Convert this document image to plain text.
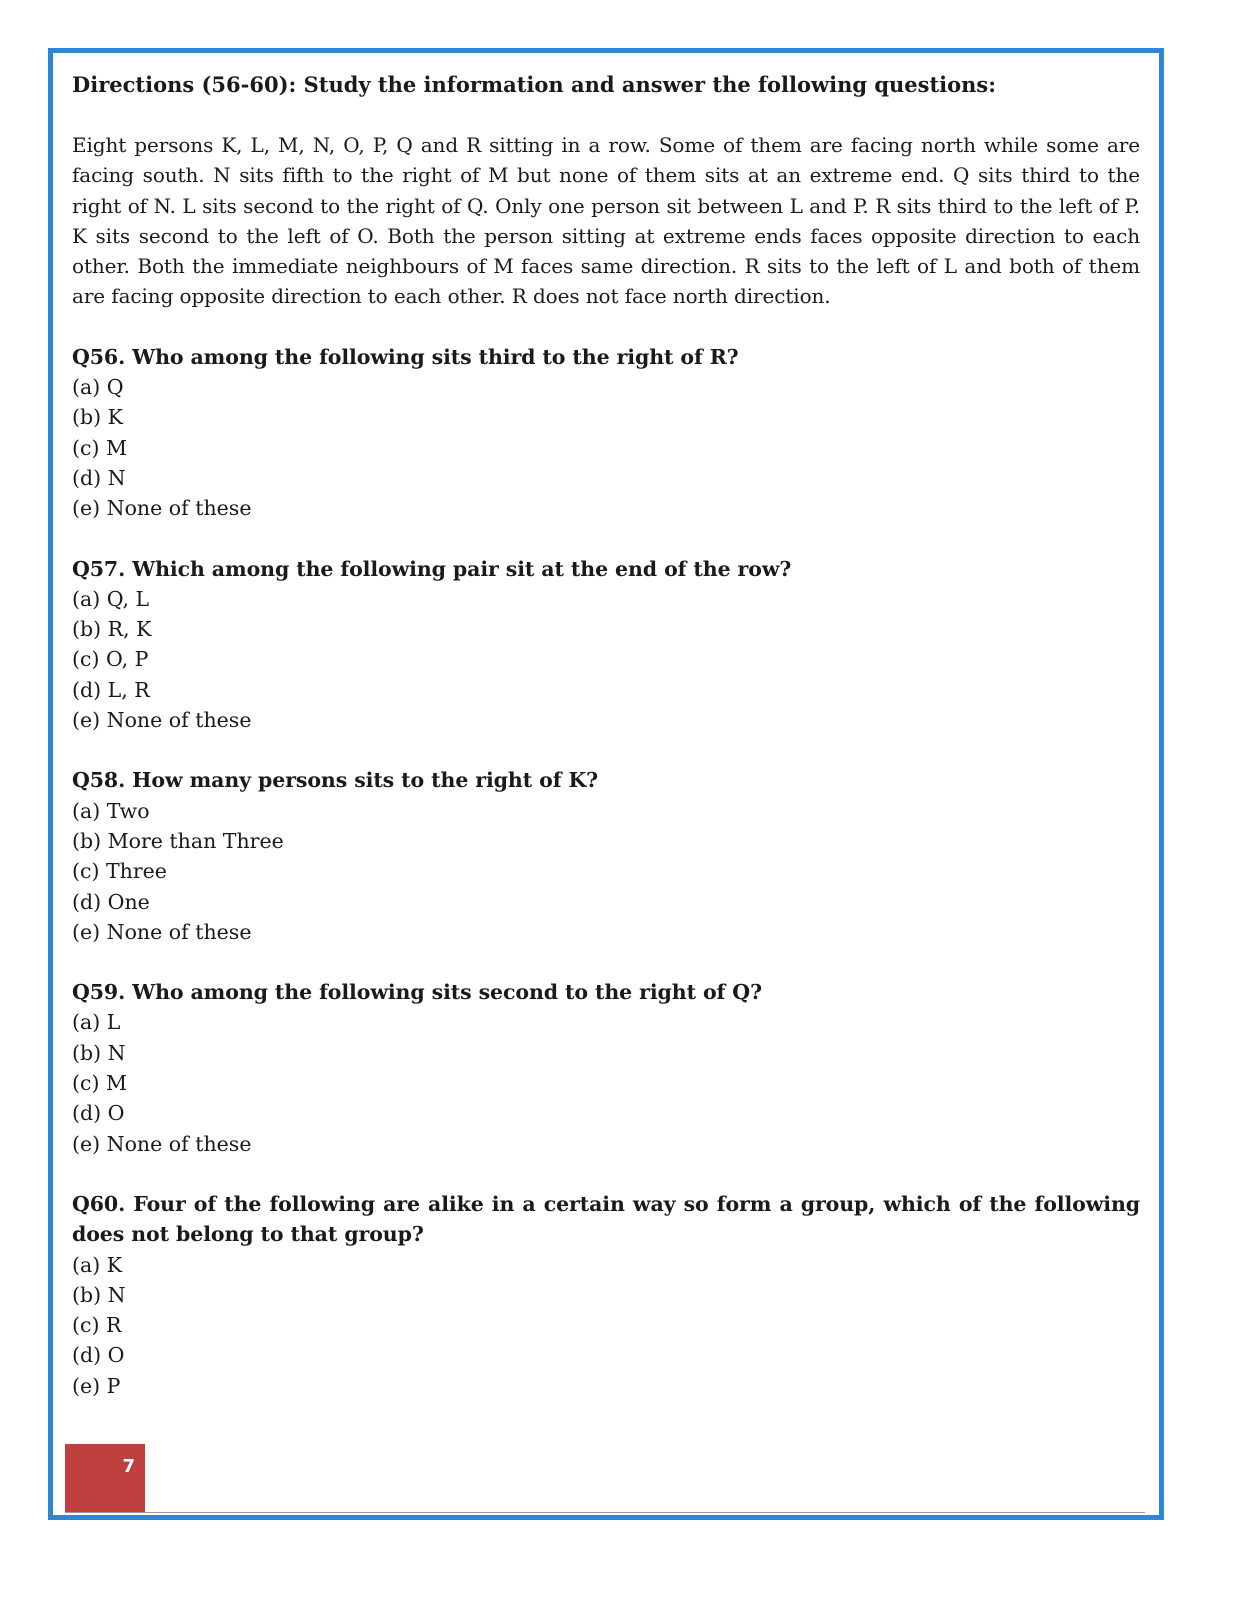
Directions (56-60): Study the information and answer the following questions:

Eight persons K, L, M, N, O, P, Q and R sitting in a row. Some of them are facing north while some are facing south. N sits fifth to the right of M but none of them sits at an extreme end. Q sits third to the right of N. L sits second to the right of Q. Only one person sit between L and P. R sits third to the left of P. K sits second to the left of O. Both the person sitting at extreme ends faces opposite direction to each other. Both the immediate neighbours of M faces same direction. R sits to the left of L and both of them are facing opposite direction to each other. R does not face north direction.
Q56. Who among the following sits third to the right of R?
(a) Q
(b) K
(c) M
(d) N
(e) None of these
Q57. Which among the following pair sit at the end of the row?
(a) Q, L
(b) R, K
(c) O, P
(d) L, R
(e) None of these
Q58. How many persons sits to the right of K?
(a) Two
(b) More than Three
(c) Three
(d) One
(e) None of these
Q59. Who among the following sits second to the right of Q?
(a) L
(b) N
(c) M
(d) O
(e) None of these
Q60. Four of the following are alike in a certain way so form a group, which of the following does not belong to that group?
(a) K
(b) N
(c) R
(d) O
(e) P
7
